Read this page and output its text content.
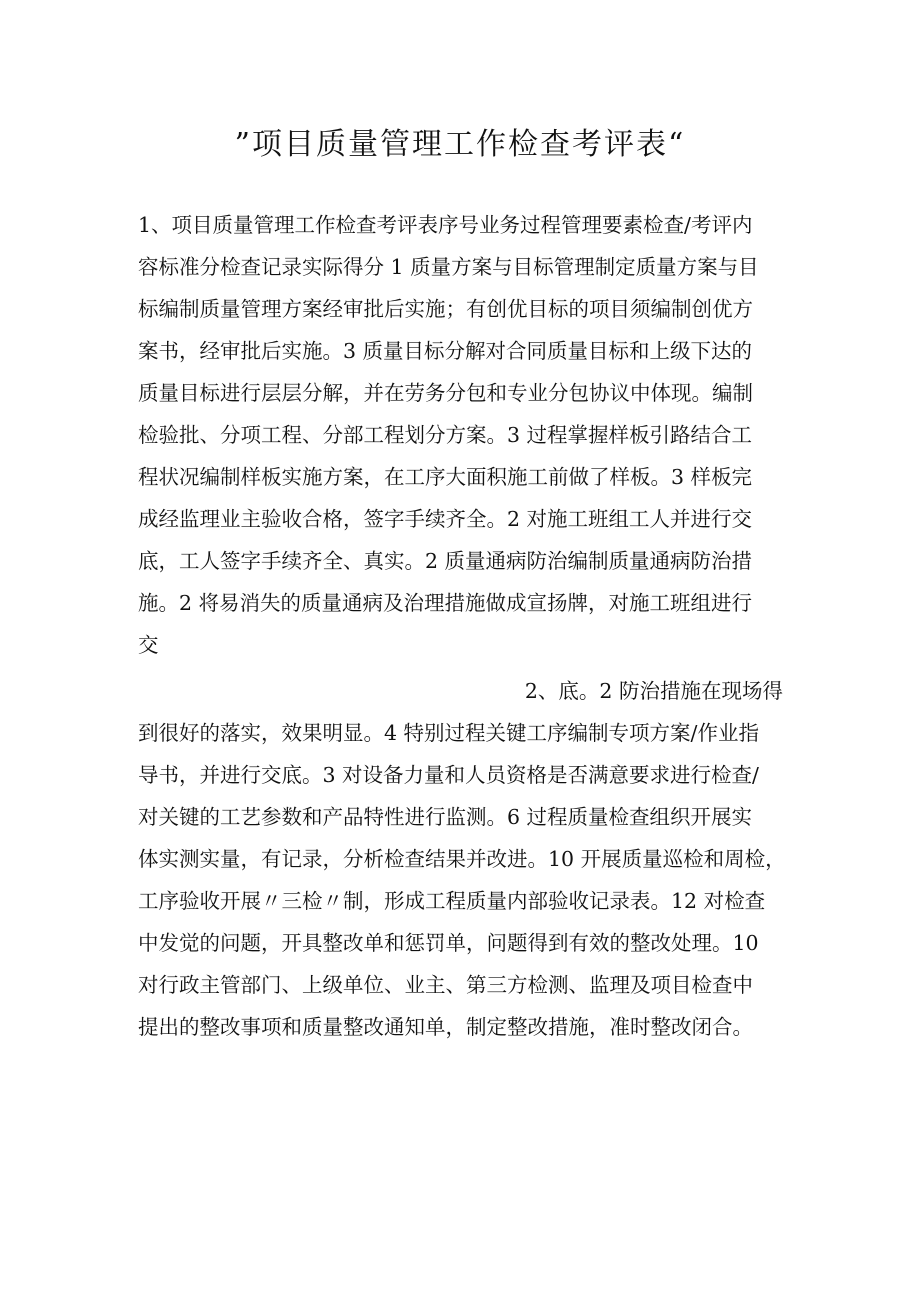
”项目质量管理工作检查考评表“
1、项目质量管理工作检查考评表序号业务过程管理要素检查/考评内
容标准分检查记录实际得分 1 质量方案与目标管理制定质量方案与目
标编制质量管理方案经审批后实施；有创优目标的项目须编制创优方
案书，经审批后实施。3 质量目标分解对合同质量目标和上级下达的
质量目标进行层层分解，并在劳务分包和专业分包协议中体现。编制
检验批、分项工程、分部工程划分方案。3 过程掌握样板引路结合工
程状况编制样板实施方案，在工序大面积施工前做了样板。3 样板完
成经监理业主验收合格，签字手续齐全。2 对施工班组工人并进行交
底，工人签字手续齐全、真实。2 质量通病防治编制质量通病防治措
施。2 将易消失的质量通病及治理措施做成宣扬牌，对施工班组进行
交
2、底。2 防治措施在现场得
到很好的落实，效果明显。4 特别过程关键工序编制专项方案/作业指
导书，并进行交底。3 对设备力量和人员资格是否满意要求进行检查/
对关键的工艺参数和产品特性进行监测。6 过程质量检查组织开展实
体实测实量，有记录，分析检查结果并改进。10 开展质量巡检和周检，
工序验收开展〃三检〃制，形成工程质量内部验收记录表。12 对检查
中发觉的问题，开具整改单和惩罚单，问题得到有效的整改处理。10
对行政主管部门、上级单位、业主、第三方检测、监理及项目检查中
提出的整改事项和质量整改通知单，制定整改措施，准时整改闭合。
